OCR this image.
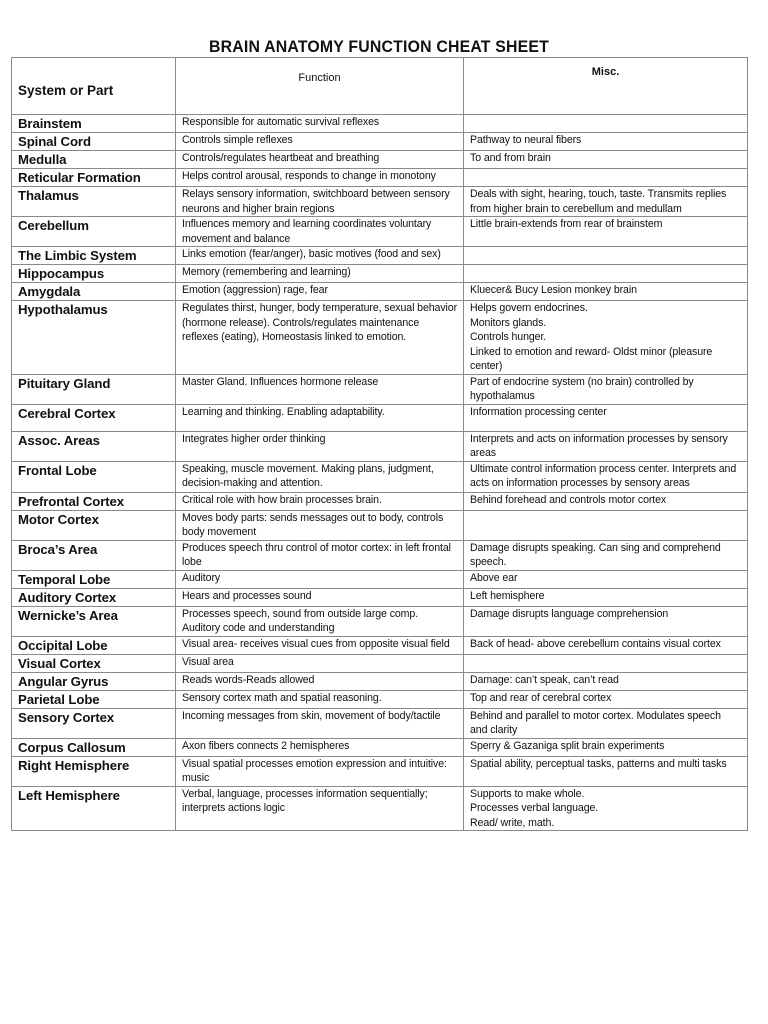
BRAIN ANATOMY FUNCTION CHEAT SHEET
System or Part	Function	Misc.
Brainstem	Responsible for automatic survival reflexes	

Spinal Cord	Controls simple reflexes	Pathway to neural fibers

Medulla	Controls/regulates heartbeat and breathing	To and from brain

Reticular Formation	Helps control arousal, responds to change in monotony	

Thalamus	Relays sensory information, switchboard between sensory neurons and higher brain regions	Deals with sight, hearing, touch, taste. Transmits replies from higher brain to cerebellum and medullam

Cerebellum	Influences memory and learning coordinates voluntary movement and balance	Little brain-extends from rear of brainstem

The Limbic System	Links emotion (fear/anger), basic motives (food and sex)	

Hippocampus	Memory (remembering and learning)	

Amygdala	Emotion (aggression) rage, fear	Kluecer& Bucy Lesion monkey brain

Hypothalamus	Regulates thirst, hunger, body temperature, sexual behavior (hormone release). Controls/regulates maintenance reflexes (eating), Homeostasis linked to emotion.	Helps govern endocrines.
Monitors glands.
Controls hunger.
Linked to emotion and reward- Oldst minor (pleasure center)

Pituitary Gland	Master Gland. Influences hormone release	Part of endocrine system (no brain) controlled by hypothalamus

Cerebral Cortex	Learning and thinking. Enabling adaptability.	Information processing center

Assoc. Areas	Integrates higher order thinking	Interprets and acts on information processes by sensory areas

Frontal Lobe	Speaking, muscle movement. Making plans, judgment, decision-making and attention.	Ultimate control information process center. Interprets and acts on information processes by sensory areas

Prefrontal Cortex	Critical role with how brain processes brain.	Behind forehead and controls motor cortex

Motor Cortex	Moves body parts: sends messages out to body, controls body movement	

Broca’s Area	Produces speech thru control of motor cortex: in left frontal lobe	Damage disrupts speaking. Can sing and comprehend speech.

Temporal Lobe	Auditory	Above ear

Auditory Cortex	Hears and processes sound	Left hemisphere

Wernicke’s Area	Processes speech, sound from outside large comp. Auditory code and understanding	Damage disrupts language comprehension

Occipital Lobe	Visual area- receives visual cues from opposite visual field	Back of head- above cerebellum contains visual cortex

Visual Cortex	Visual area	

Angular Gyrus	Reads words-Reads allowed	Damage: can’t speak, can’t read

Parietal Lobe	Sensory cortex math and spatial reasoning.	Top and rear of cerebral cortex

Sensory Cortex	Incoming messages from skin, movement of body/tactile	Behind and parallel to motor cortex. Modulates speech and clarity

Corpus Callosum	Axon fibers connects 2 hemispheres	Sperry & Gazaniga split brain experiments

Right Hemisphere	Visual spatial processes emotion expression and intuitive: music	Spatial ability, perceptual tasks, patterns and multi tasks

Left Hemisphere	Verbal, language, processes information sequentially; interprets actions logic	Supports to make whole.
Processes verbal language.
Read/ write, math.
